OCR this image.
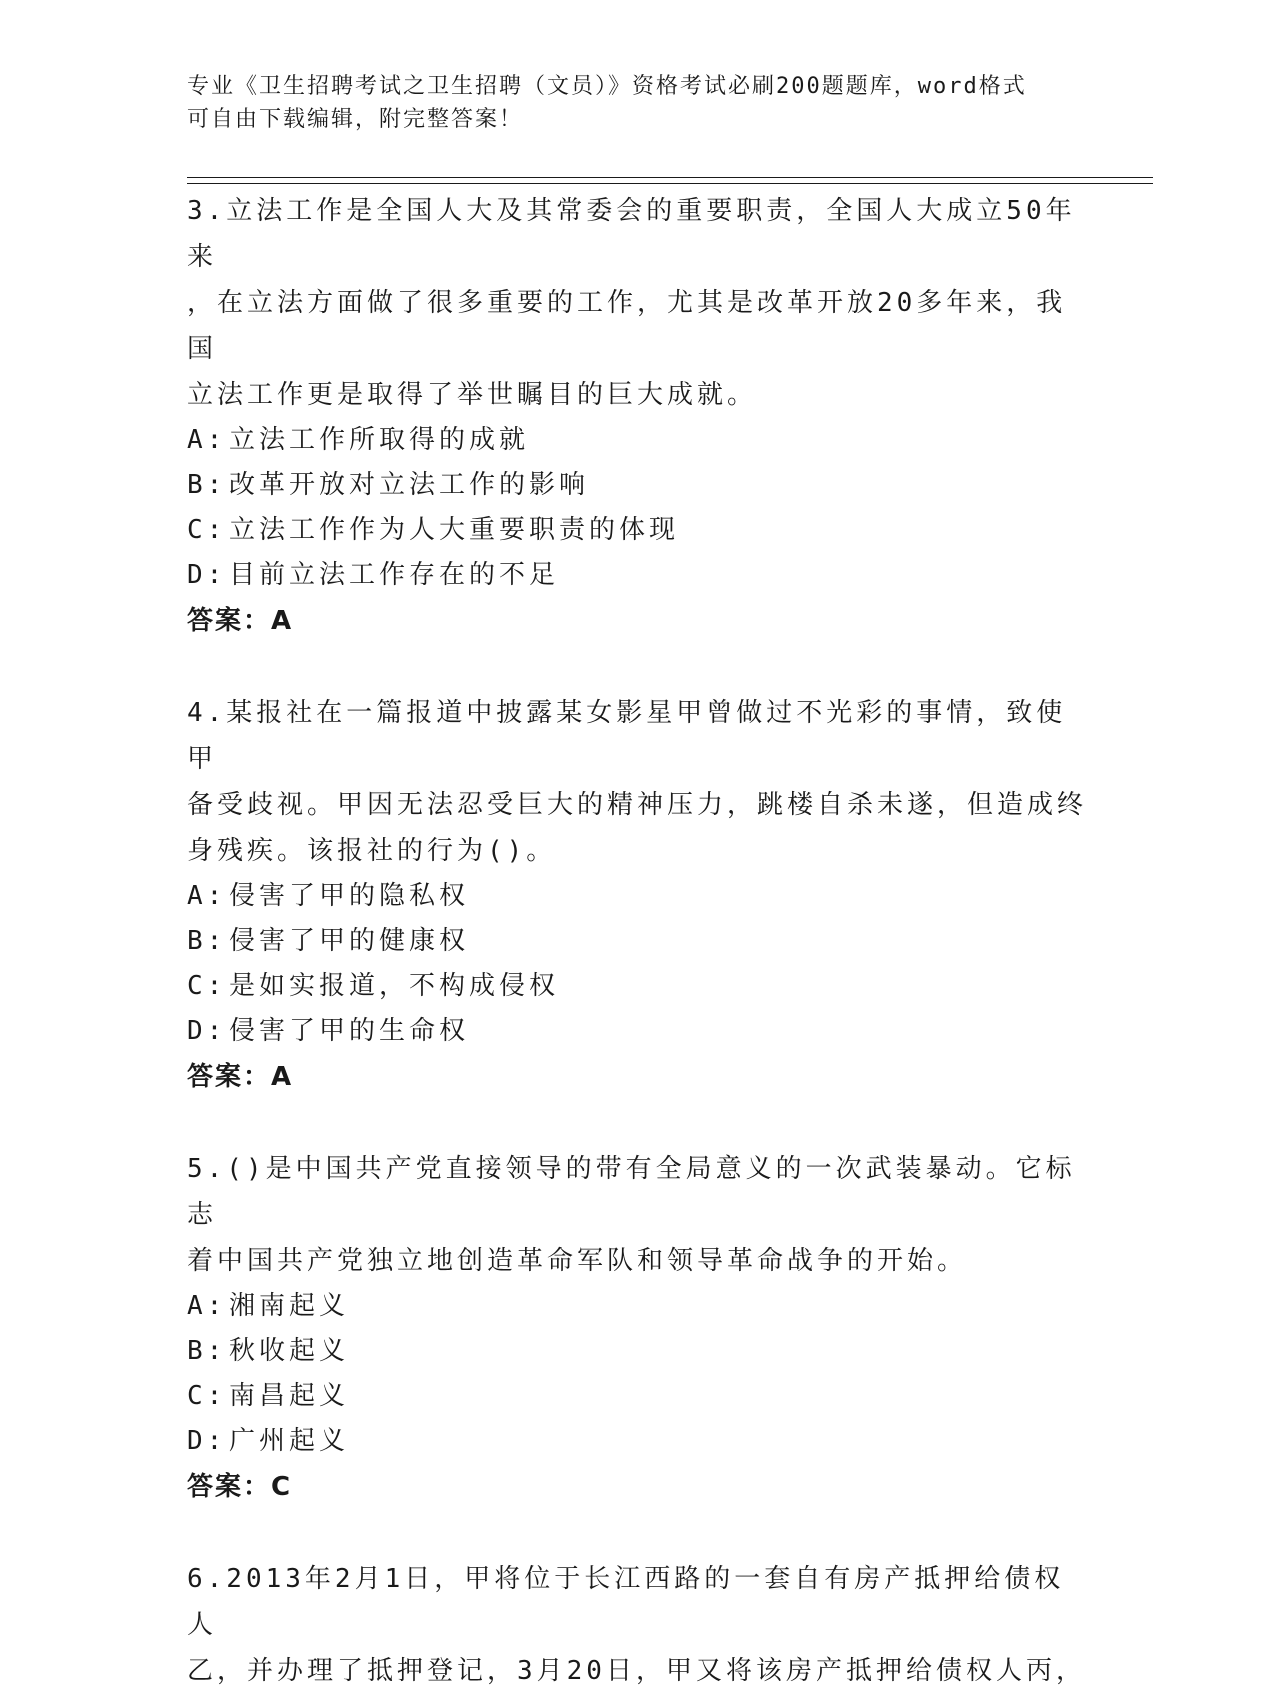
专业《卫生招聘考试之卫生招聘（文员）》资格考试必刷200题题库，word格式
可自由下载编辑，附完整答案！
3.立法工作是全国人大及其常委会的重要职责，全国人大成立50年来
，在立法方面做了很多重要的工作，尤其是改革开放20多年来，我国
立法工作更是取得了举世瞩目的巨大成就。
A: 立法工作所取得的成就
B: 改革开放对立法工作的影响
C: 立法工作作为人大重要职责的体现
D: 目前立法工作存在的不足
答案：A
4.某报社在一篇报道中披露某女影星甲曾做过不光彩的事情，致使甲
备受歧视。甲因无法忍受巨大的精神压力，跳楼自杀未遂，但造成终
身残疾。该报社的行为()。
A: 侵害了甲的隐私权
B: 侵害了甲的健康权
C: 是如实报道，不构成侵权
D: 侵害了甲的生命权
答案：A
5.()是中国共产党直接领导的带有全局意义的一次武装暴动。它标志
着中国共产党独立地创造革命军队和领导革命战争的开始。
A: 湘南起义
B: 秋收起义
C: 南昌起义
D: 广州起义
答案：C
6.2013年2月1日，甲将位于长江西路的一套自有房产抵押给债权人
乙，并办理了抵押登记，3月20日，甲又将该房产抵押给债权人丙，
